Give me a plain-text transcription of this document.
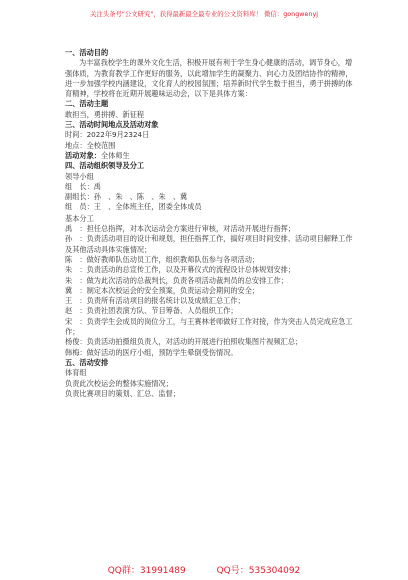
关注头条号"公文研究"，获得最新最全最专业的公文资料库！ 微信：gongwenyj
一、活动目的
为丰富我校学生的课外文化生活，积极开展有利于学生身心健康的活动，调节身心，增强体质，为教育教学工作更好的服务，以此增加学生的凝聚力、向心力及团结协作的精神，进一步加强学校内涵建设，文化育人的校园氛围；培养新时代学生数于担当，勇于拼搏的体育精神，学校将在近期开展趣味运动会，以下是具体方案：
二、活动主题
敢担当，勇拼搏、新征程
三、活动时间地点及活动对象
时间：2022年9月2324日
地点：全校范围
活动对象：全体师生
四、活动组织领导及分工
领导小组
组　长：禹
副组长：孙　、朱　、陈　、朱　、冀
组　员：王　、全体班主任，团委全体成员
基本分工
禹　：担任总指挥，对本次运动会方案进行审核，对活动开展进行指挥；
孙　：负责活动项目的设计和规划，担任指挥工作，搞好项目时间安排、活动项目解释工作及其他活动具体实施情况；
陈　：做好教师队伍动员工作，组织教师队伍参与各项活动；
朱　：负责活动的总宣传工作，以及开幕仪式的流程设计总体规划安排；
朱　：做为此次活动的总裁判长，负责各项活动裁判员的总安排工作；
冀　：制定本次校运会的安全预案，负责运动会期间的安全；
王　：负责所有活动项目的报名统计以及成绩汇总工作；
赵　：负责社团表演方队、节目筹备、人员组织工作；
宋　：负责学生会成员的岗位分工，与王赛林老师做好工作对接，作为突击人员完成应急工作；
杨俊：负责活动拍摄组负责人，对活动的开展进行拍照收集图片视频汇总；
韩梅：做好活动的医疗小组，预防学生晕倒受伤情况。
五、活动安排
体育组
负责此次校运会的整体实施情况；
负责比赛项目的策划、汇总、监督；
QQ群：31991489	QQ号：535304092
